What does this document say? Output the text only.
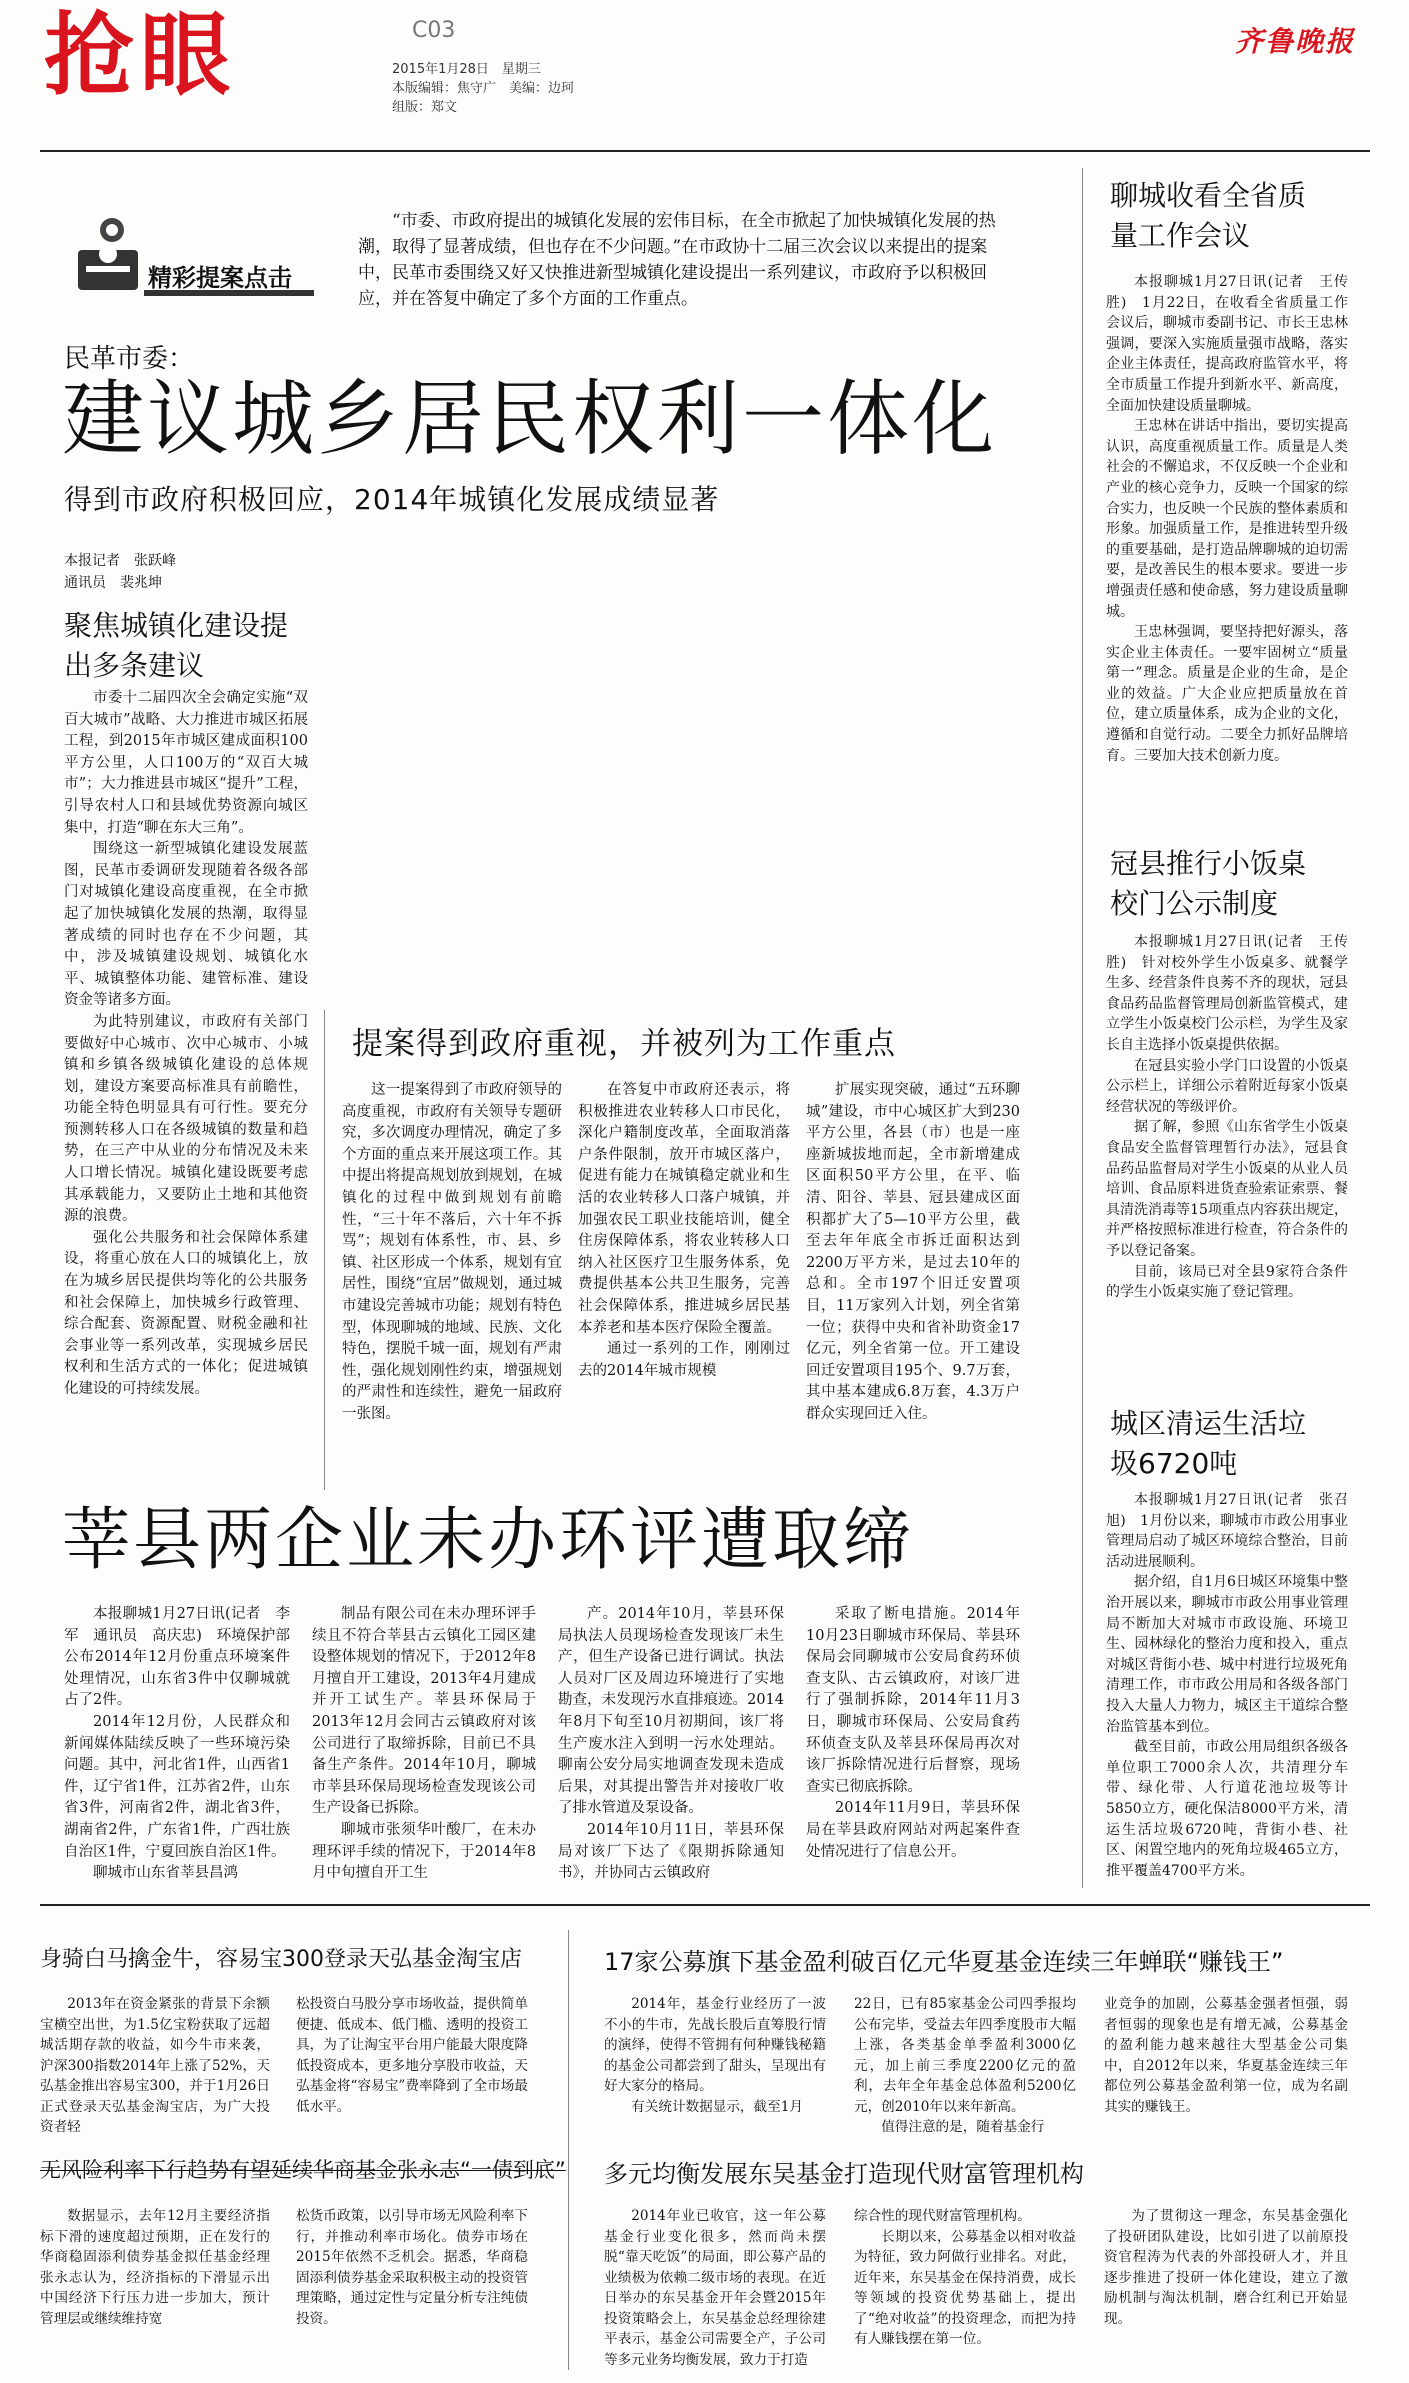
抢眼	C03
2015年1月28日　星期三
本版编辑：焦守广　美编：边珂
组版：郑文
齐鲁晚报
精彩提案点击
“市委、市政府提出的城镇化发展的宏伟目标，在全市掀起了加快城镇化发展的热潮，取得了显著成绩，但也存在不少问题。”在市政协十二届三次会议以来提出的提案中，民革市委围绕又好又快推进新型城镇化建设提出一系列建议，市政府予以积极回应，并在答复中确定了多个方面的工作重点。
民革市委：
建议城乡居民权利一体化
得到市政府积极回应，2014年城镇化发展成绩显著
本报记者　张跃峰
通讯员　裴兆坤
聚焦城镇化建设提出多条建议

市委十二届四次全会确定实施“双百大城市”战略、大力推进市城区拓展工程，到2015年市城区建成面积100平方公里，人口100万的“双百大城市”；大力推进县市城区“提升”工程，引导农村人口和县域优势资源向城区集中，打造“聊在东大三角”。

围绕这一新型城镇化建设发展蓝图，民革市委调研发现随着各级各部门对城镇化建设高度重视，在全市掀起了加快城镇化发展的热潮，取得显著成绩的同时也存在不少问题，其中，涉及城镇建设规划、城镇化水平、城镇整体功能、建管标准、建设资金等诸多方面。

为此特别建议，市政府有关部门要做好中心城市、次中心城市、小城镇和乡镇各级城镇化建设的总体规划，建设方案要高标准具有前瞻性，功能全特色明显具有可行性。要充分预测转移人口在各级城镇的数量和趋势，在三产中从业的分布情况及未来人口增长情况。城镇化建设既要考虑其承载能力，又要防止土地和其他资源的浪费。

强化公共服务和社会保障体系建设，将重心放在人口的城镇化上，放在为城乡居民提供均等化的公共服务和社会保障上，加快城乡行政管理、综合配套、资源配置、财税金融和社会事业等一系列改革，实现城乡居民权利和生活方式的一体化；促进城镇化建设的可持续发展。

提案得到政府重视，并被列为工作重点

这一提案得到了市政府领导的高度重视，市政府有关领导专题研究，多次调度办理情况，确定了多个方面的重点来开展这项工作。其中提出将提高规划放到规划，在城镇化的过程中做到规划有前瞻性，“三十年不落后，六十年不拆骂”；规划有体系性，市、县、乡镇、社区形成一个体系，规划有宜居性，围绕“宜居”做规划，通过城市建设完善城市功能；规划有特色型，体现聊城的地域、民族、文化特色，摆脱千城一面，规划有严肃性，强化规划刚性约束，增强规划的严肃性和连续性，避免一届政府一张图。

在答复中市政府还表示，将积极推进农业转移人口市民化，深化户籍制度改革，全面取消落户条件限制，放开市城区落户，促进有能力在城镇稳定就业和生活的农业转移人口落户城镇，并加强农民工职业技能培训，健全住房保障体系，将农业转移人口纳入社区医疗卫生服务体系，免费提供基本公共卫生服务，完善社会保障体系，推进城乡居民基本养老和基本医疗保险全覆盖。

通过一系列的工作，刚刚过去的2014年城市规模

扩展实现突破，通过“五环聊城”建设，市中心城区扩大到230平方公里，各县（市）也是一座座新城拔地而起，全市新增建成区面积50平方公里，在平、临清、阳谷、莘县、冠县建成区面积都扩大了5—10平方公里，截至去年年底全市拆迁面积达到2200万平方米，是过去10年的总和。全市197个旧迁安置项目，11万家列入计划，列全省第一位；获得中央和省补助资金17亿元，列全省第一位。开工建设回迁安置项目195个、9.7万套，其中基本建成6.8万套，4.3万户群众实现回迁入住。

莘县两企业未办环评遭取缔

本报聊城1月27日讯(记者　李军　通讯员　高庆忠)　环境保护部公布2014年12月份重点环境案件处理情况，山东省3件中仅聊城就占了2件。

2014年12月份，人民群众和新闻媒体陆续反映了一些环境污染问题。其中，河北省1件，山西省1件，辽宁省1件，江苏省2件，山东省3件，河南省2件，湖北省3件，湖南省2件，广东省1件，广西壮族自治区1件，宁夏回族自治区1件。

聊城市山东省莘县昌鸿

制品有限公司在未办理环评手续且不符合莘县古云镇化工园区建设整体规划的情况下，于2012年8月擅自开工建设，2013年4月建成并开工试生产。莘县环保局于2013年12月会同古云镇政府对该公司进行了取缔拆除，目前已不具备生产条件。2014年10月，聊城市莘县环保局现场检查发现该公司生产设备已拆除。

聊城市张须华叶酸厂，在未办理环评手续的情况下，于2014年8月中旬擅自开工生

产。2014年10月，莘县环保局执法人员现场检查发现该厂未生产，但生产设备已进行调试。执法人员对厂区及周边环境进行了实地勘查，未发现污水直排痕迹。2014年8月下旬至10月初期间，该厂将生产废水注入到明一污水处理站。聊南公安分局实地调查发现未造成后果，对其提出警告并对接收厂收了排水管道及泵设备。

2014年10月11日，莘县环保局对该厂下达了《限期拆除通知书》，并协同古云镇政府

采取了断电措施。2014年10月23日聊城市环保局、莘县环保局会同聊城市公安局食药环侦查支队、古云镇政府，对该厂进行了强制拆除，2014年11月3日，聊城市环保局、公安局食药环侦查支队及莘县环保局再次对该厂拆除情况进行后督察，现场查实已彻底拆除。

2014年11月9日，莘县环保局在莘县政府网站对两起案件查处情况进行了信息公开。

聊城收看全省质量工作会议

本报聊城1月27日讯(记者　王传胜)　1月22日，在收看全省质量工作会议后，聊城市委副书记、市长王忠林强调，要深入实施质量强市战略，落实企业主体责任，提高政府监管水平，将全市质量工作提升到新水平、新高度，全面加快建设质量聊城。

王忠林在讲话中指出，要切实提高认识，高度重视质量工作。质量是人类社会的不懈追求，不仅反映一个企业和产业的核心竞争力，反映一个国家的综合实力，也反映一个民族的整体素质和形象。加强质量工作，是推进转型升级的重要基础，是打造品牌聊城的迫切需要，是改善民生的根本要求。要进一步增强责任感和使命感，努力建设质量聊城。

王忠林强调，要坚持把好源头，落实企业主体责任。一要牢固树立“质量第一”理念。质量是企业的生命，是企业的效益。广大企业应把质量放在首位，建立质量体系，成为企业的文化，遵循和自觉行动。二要全力抓好品牌培育。三要加大技术创新力度。

冠县推行小饭桌校门公示制度

本报聊城1月27日讯(记者　王传胜)　针对校外学生小饭桌多、就餐学生多、经营条件良莠不齐的现状，冠县食品药品监督管理局创新监管模式，建立学生小饭桌校门公示栏，为学生及家长自主选择小饭桌提供依据。

在冠县实验小学门口设置的小饭桌公示栏上，详细公示着附近每家小饭桌经营状况的等级评价。

据了解，参照《山东省学生小饭桌食品安全监督管理暂行办法》，冠县食品药品监督局对学生小饭桌的从业人员培训、食品原料进货查验索证索票、餐具清洗消毒等15项重点内容获出规定，并严格按照标准进行检查，符合条件的予以登记备案。

目前，该局已对全县9家符合条件的学生小饭桌实施了登记管理。

城区清运生活垃圾6720吨

本报聊城1月27日讯(记者　张召旭)　1月份以来，聊城市市政公用事业管理局启动了城区环境综合整治，目前活动进展顺利。

据介绍，自1月6日城区环境集中整治开展以来，聊城市市政公用事业管理局不断加大对城市市政设施、环境卫生、园林绿化的整治力度和投入，重点对城区背街小巷、城中村进行垃圾死角清理工作，市市政公用局和各级各部门投入大量人力物力，城区主干道综合整治监管基本到位。

截至目前，市政公用局组织各级各单位职工7000余人次，共清理分车带、绿化带、人行道花池垃圾等计5850立方，硬化保洁8000平方米，清运生活垃圾6720吨，背街小巷、社区、闲置空地内的死角垃圾465立方，推平覆盖4700平方米。

身骑白马擒金牛，容易宝300登录天弘基金淘宝店

2013年在资金紧张的背景下余额宝横空出世，为1.5亿宝粉获取了远超城活期存款的收益，如今牛市来袭，沪深300指数2014年上涨了52%，天弘基金推出容易宝300，并于1月26日正式登录天弘基金淘宝店，为广大投资者轻

松投资白马股分享市场收益，提供简单便捷、低成本、低门槛、透明的投资工具，为了让淘宝平台用户能最大限度降低投资成本，更多地分享股市收益，天弘基金将“容易宝”费率降到了全市场最低水平。

17家公募旗下基金盈利破百亿元华夏基金连续三年蝉联“赚钱王”

2014年，基金行业经历了一波不小的牛市，先战长股后直筹股行情的演绎，使得不管拥有何种赚钱秘籍的基金公司都尝到了甜头，呈现出有好大家分的格局。

有关统计数据显示，截至1月

22日，已有85家基金公司四季报均公布完毕，受益去年四季度股市大幅上涨，各类基金单季盈利3000亿元，加上前三季度2200亿元的盈利，去年全年基金总体盈利5200亿元，创2010年以来年新高。

值得注意的是，随着基金行

业竞争的加剧，公募基金强者恒强，弱者恒弱的现象也是有增无减，公募基金的盈利能力越来越往大型基金公司集中，自2012年以来，华夏基金连续三年都位列公募基金盈利第一位，成为名副其实的赚钱王。

无风险利率下行趋势有望延续华商基金张永志“一债到底”

数据显示，去年12月主要经济指标下滑的速度超过预期，正在发行的华商稳固添利债券基金拟任基金经理张永志认为，经济指标的下滑显示出中国经济下行压力进一步加大，预计管理层或继续维持宽

松货币政策，以引导市场无风险利率下行，并推动利率市场化。债券市场在2015年依然不乏机会。据悉，华商稳固添利债券基金采取积极主动的投资管理策略，通过定性与定量分析专注纯债投资。

多元均衡发展东吴基金打造现代财富管理机构

2014年业已收官，这一年公募基金行业变化很多，然而尚未摆脱“靠天吃饭”的局面，即公募产品的业绩极为依赖二级市场的表现。在近日举办的东吴基金开年会暨2015年投资策略会上，东吴基金总经理徐建平表示，基金公司需要全产，子公司等多元业务均衡发展，致力于打造

综合性的现代财富管理机构。

长期以来，公募基金以相对收益为特征，致力阿做行业排名。对此，近年来，东吴基金在保持消费，成长等领域的投资优势基础上，提出了“绝对收益”的投资理念，而把为持有人赚钱摆在第一位。

为了贯彻这一理念，东吴基金强化了投研团队建设，比如引进了以前原投资官程涛为代表的外部投研人才，并且逐步推进了投研一体化建设，建立了激励机制与淘汰机制，磨合红利已开始显现。
